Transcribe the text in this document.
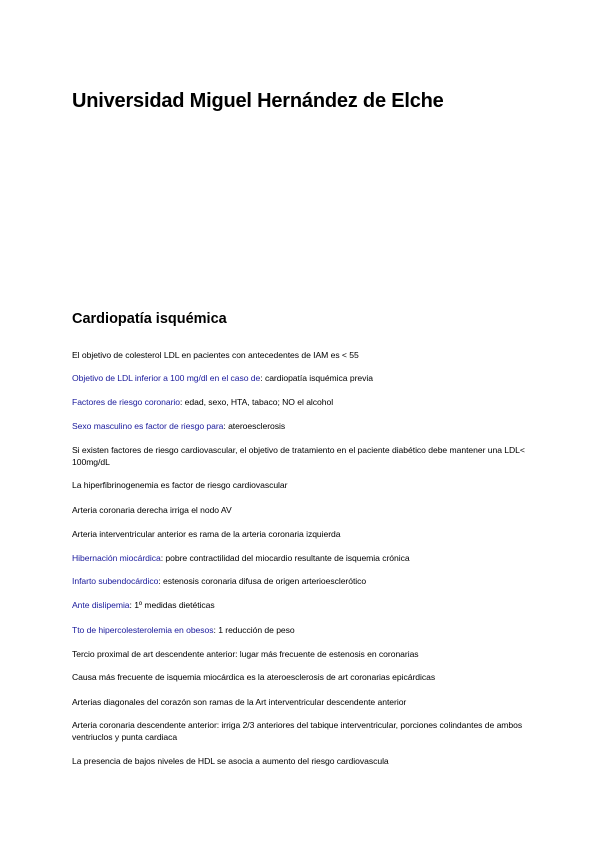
Universidad Miguel Hernández de Elche
Cardiopatía isquémica

El objetivo de colesterol LDL en pacientes con antecedentes de IAM es < 55

Objetivo de LDL inferior a 100 mg/dl en el caso de: cardiopatía isquémica previa

Factores de riesgo coronario: edad, sexo, HTA, tabaco; NO el alcohol

Sexo masculino es factor de riesgo para: ateroesclerosis

Si existen factores de riesgo cardiovascular, el objetivo de tratamiento en el paciente diabético debe mantener una LDL< 100mg/dL

La hiperfibrinogenemia es factor de riesgo cardiovascular

Arteria coronaria derecha irriga el nodo AV

Arteria interventricular anterior es rama de la arteria coronaria izquierda

Hibernación miocárdica: pobre contractilidad del miocardio resultante de isquemia crónica

Infarto subendocárdico: estenosis coronaria difusa de origen arterioesclerótico

Ante dislipemia: 1º medidas dietéticas

Tto de hipercolesterolemia en obesos: 1 reducción de peso

Tercio proximal de art descendente anterior: lugar más frecuente de estenosis en coronarias

Causa más frecuente de isquemia miocárdica es la ateroesclerosis de art coronarias epicárdicas

Arterias diagonales del corazón son ramas de la Art interventricular descendente anterior

Arteria coronaria descendente anterior: irriga 2/3 anteriores del tabique interventricular, porciones colindantes de ambos ventriuclos y punta cardiaca

La presencia de bajos niveles de HDL se asocia a aumento del riesgo cardiovascula
